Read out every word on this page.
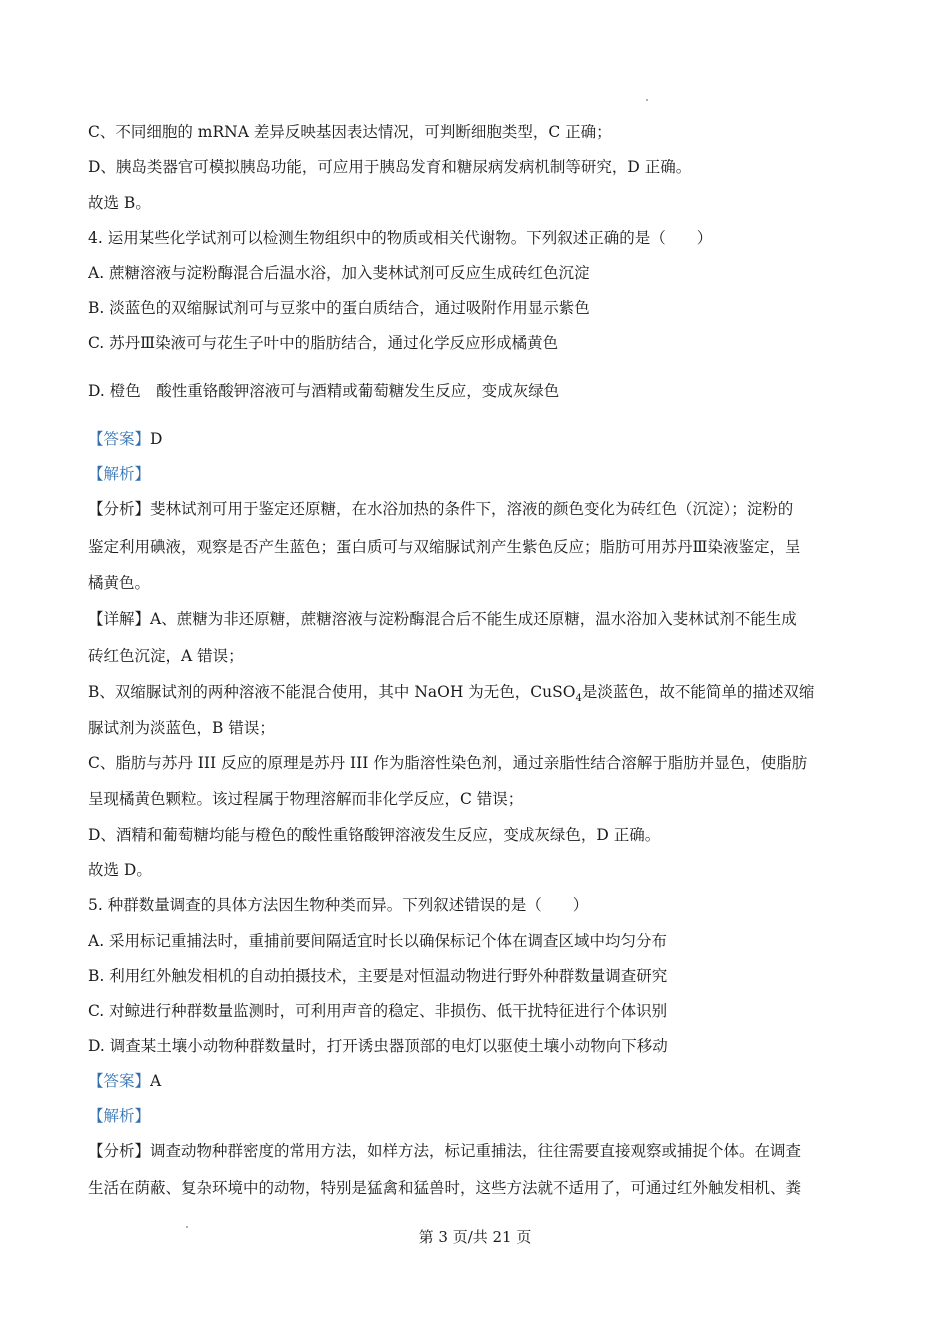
C、不同细胞的 mRNA 差异反映基因表达情况，可判断细胞类型，C 正确；
D、胰岛类器官可模拟胰岛功能，可应用于胰岛发育和糖尿病发病机制等研究，D 正确。
故选 B。
4. 运用某些化学试剂可以检测生物组织中的物质或相关代谢物。下列叙述正确的是（　　）
A. 蔗糖溶液与淀粉酶混合后温水浴，加入斐林试剂可反应生成砖红色沉淀
B. 淡蓝色的双缩脲试剂可与豆浆中的蛋白质结合，通过吸附作用显示紫色
C. 苏丹Ⅲ染液可与花生子叶中的脂肪结合，通过化学反应形成橘黄色
D. 橙色　酸性重铬酸钾溶液可与酒精或葡萄糖发生反应，变成灰绿色
【答案】D
【解析】
【分析】斐林试剂可用于鉴定还原糖，在水浴加热的条件下，溶液的颜色变化为砖红色（沉淀）；淀粉的
鉴定利用碘液，观察是否产生蓝色；蛋白质可与双缩脲试剂产生紫色反应；脂肪可用苏丹Ⅲ染液鉴定，呈
橘黄色。
【详解】A、蔗糖为非还原糖，蔗糖溶液与淀粉酶混合后不能生成还原糖，温水浴加入斐林试剂不能生成
砖红色沉淀，A 错误；
B、双缩脲试剂的两种溶液不能混合使用，其中 NaOH 为无色，CuSO$_4$是淡蓝色，故不能简单的描述双缩
脲试剂为淡蓝色，B 错误；
C、脂肪与苏丹 III 反应的原理是苏丹 III 作为脂溶性染色剂，通过亲脂性结合溶解于脂肪并显色，使脂肪
呈现橘黄色颗粒。该过程属于物理溶解而非化学反应，C 错误；
D、酒精和葡萄糖均能与橙色的酸性重铬酸钾溶液发生反应，变成灰绿色，D 正确。
故选 D。
5. 种群数量调查的具体方法因生物种类而异。下列叙述错误的是（　　）
A. 采用标记重捕法时，重捕前要间隔适宜时长以确保标记个体在调查区域中均匀分布
B. 利用红外触发相机的自动拍摄技术，主要是对恒温动物进行野外种群数量调查研究
C. 对鲸进行种群数量监测时，可利用声音的稳定、非损伤、低干扰特征进行个体识别
D. 调查某土壤小动物种群数量时，打开诱虫器顶部的电灯以驱使土壤小动物向下移动
【答案】A
【解析】
【分析】调查动物种群密度的常用方法，如样方法，标记重捕法，往往需要直接观察或捕捉个体。在调查
生活在荫蔽、复杂环境中的动物，特别是猛禽和猛兽时，这些方法就不适用了，可通过红外触发相机、粪
第 3 页/共 21 页
